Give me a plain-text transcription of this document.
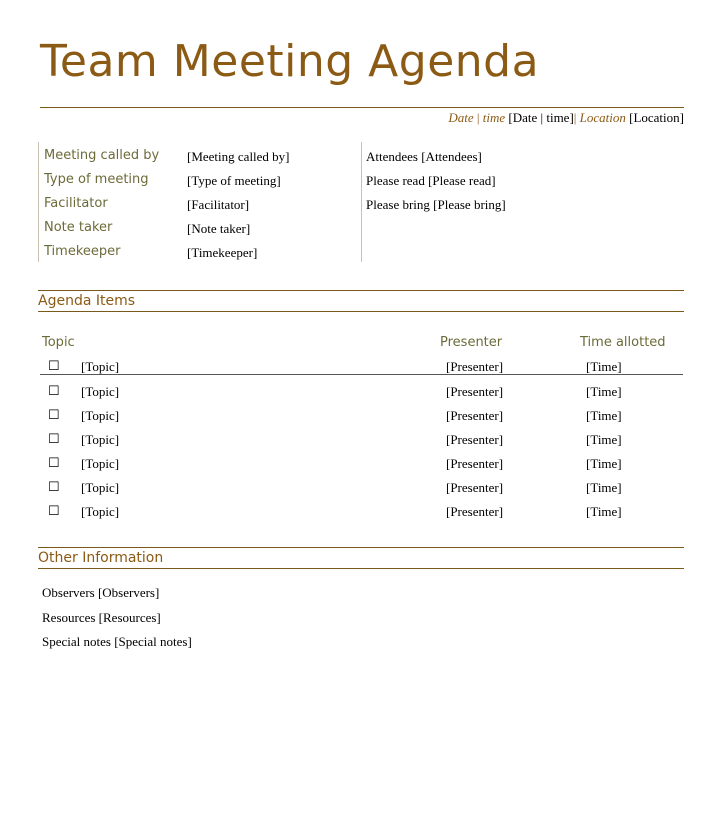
Team Meeting Agenda
Date | time [Date | time]| Location [Location]
Meeting called by [Meeting called by]
Type of meeting	[Type of meeting]
Facilitator	[Facilitator]
Note taker	[Note taker]
Timekeeper	[Timekeeper]
Attendees [Attendees]
Please read [Please read]
Please bring [Please bring]
Agenda Items
Topic	Presenter	Time allotted
☐ [Topic]	[Presenter]	[Time]
☐ [Topic]	[Presenter]	[Time]
☐ [Topic]	[Presenter]	[Time]
☐ [Topic]	[Presenter]	[Time]
☐ [Topic]	[Presenter]	[Time]
☐ [Topic]	[Presenter]	[Time]
☐ [Topic]	[Presenter]	[Time]
Other Information
Observers [Observers]
Resources [Resources]
Special notes [Special notes]
